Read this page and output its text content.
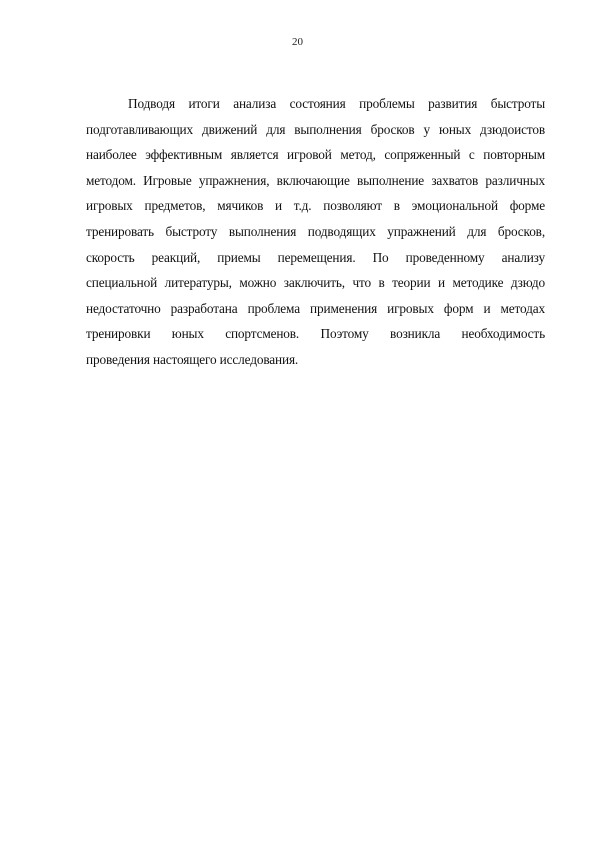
20

Подводя итоги анализа состояния проблемы развития быстроты
подготавливающих движений для выполнения бросков у юных дзюдоистов
наиболее эффективным является игровой метод, сопряженный с повторным
методом. Игровые упражнения, включающие выполнение захватов различных
игровых предметов, мячиков и т.д. позволяют в эмоциональной форме
тренировать быстроту выполнения подводящих упражнений для бросков,
скорость реакций, приемы перемещения. По проведенному анализу
специальной литературы, можно заключить, что в теории и методике дзюдо
недостаточно разработана проблема применения игровых форм и методах
тренировки юных спортсменов. Поэтому возникла необходимость
проведения настоящего исследования.
